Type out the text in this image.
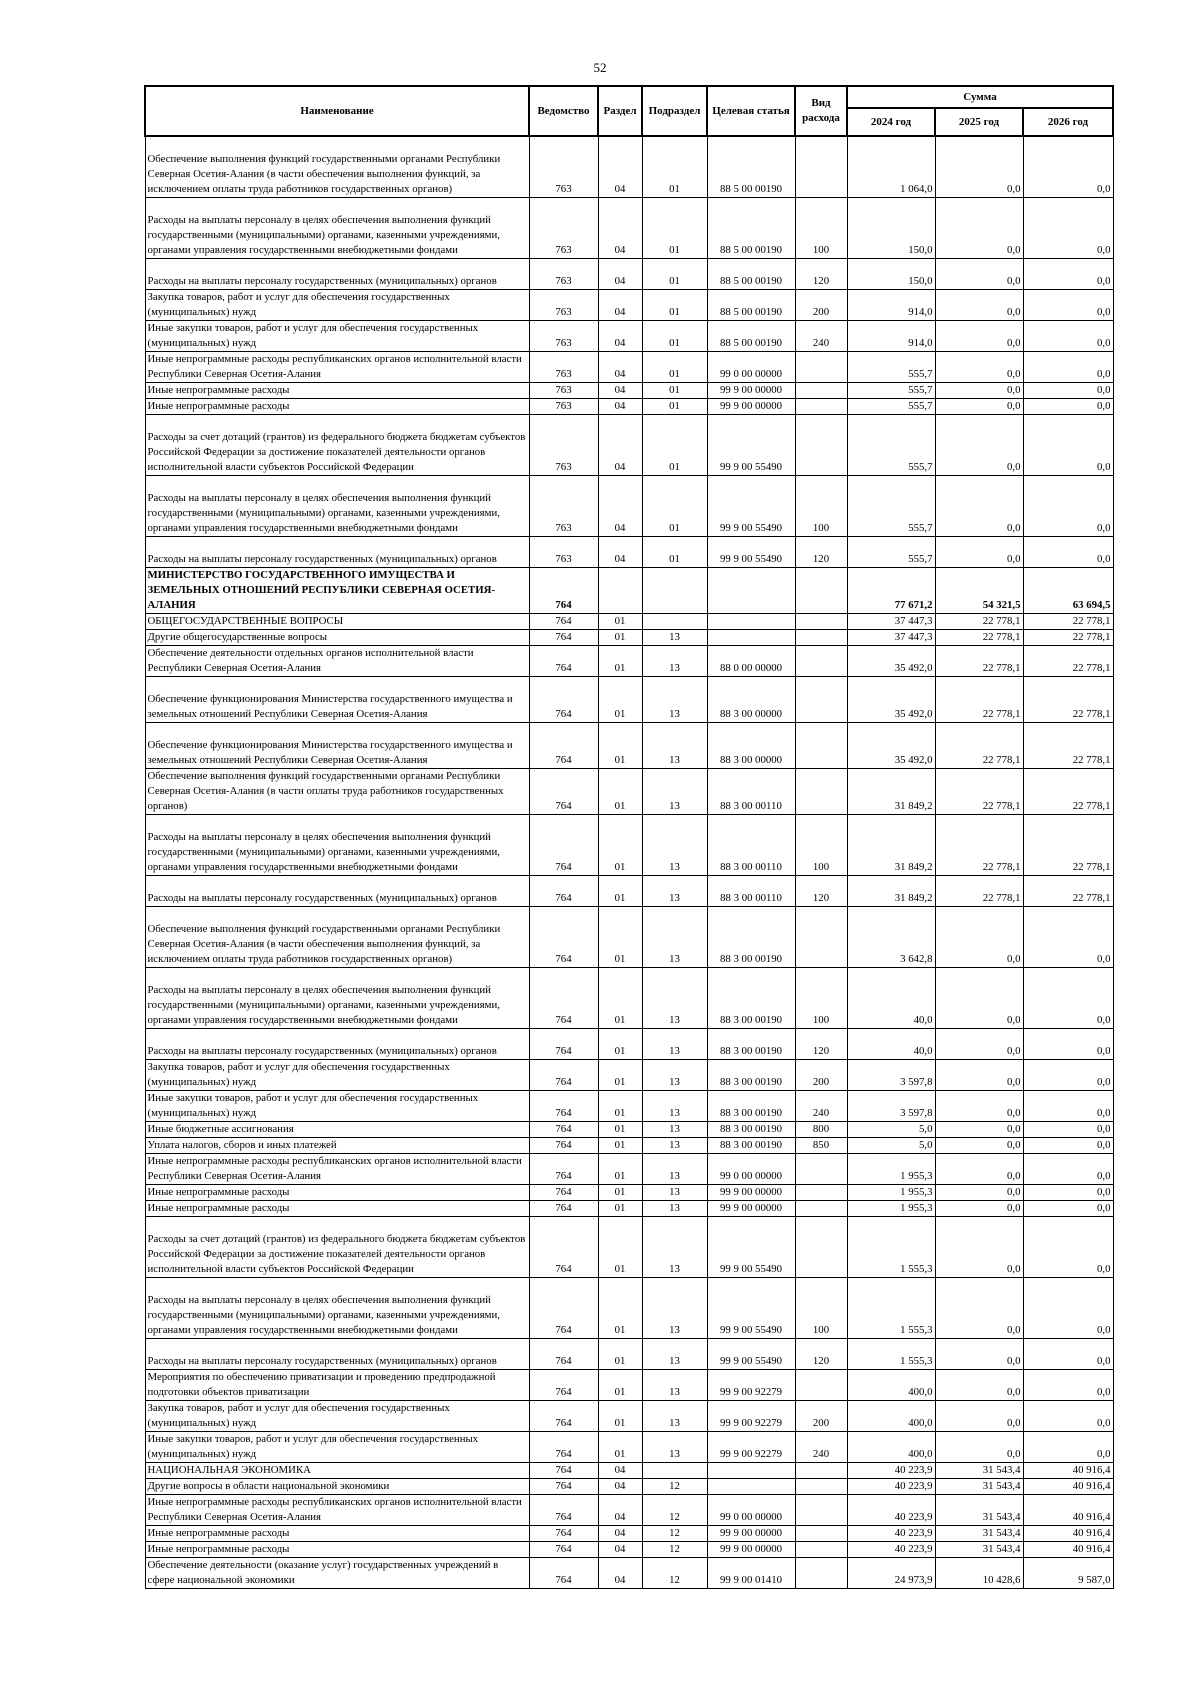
52
Наименование	Ведомство	Раздел	Подраздел	Целевая статья	Вид расхода	Сумма		
						2024 год	2025 год	2026 год
Обеспечение выполнения функций государственными органами Республики Северная Осетия-Алания (в части обеспечения выполнения функций, за исключением оплаты труда работников государственных органов)	763	04	01	88 5 00 00190		1 064,0	0,0	0,0
Расходы на выплаты персоналу в целях обеспечения выполнения функций государственными (муниципальными) органами, казенными учреждениями, органами управления государственными внебюджетными фондами	763	04	01	88 5 00 00190	100	150,0	0,0	0,0
Расходы на выплаты персоналу государственных (муниципальных) органов	763	04	01	88 5 00 00190	120	150,0	0,0	0,0
Закупка товаров, работ и услуг для обеспечения государственных (муниципальных) нужд	763	04	01	88 5 00 00190	200	914,0	0,0	0,0
Иные закупки товаров, работ и услуг для обеспечения государственных (муниципальных) нужд	763	04	01	88 5 00 00190	240	914,0	0,0	0,0
Иные непрограммные расходы республиканских органов исполнительной власти Республики Северная Осетия-Алания	763	04	01	99 0 00 00000		555,7	0,0	0,0
Иные непрограммные расходы	763	04	01	99 9 00 00000		555,7	0,0	0,0
Иные непрограммные расходы	763	04	01	99 9 00 00000		555,7	0,0	0,0
Расходы за счет дотаций (грантов) из федерального бюджета бюджетам субъектов Российской Федерации за достижение показателей деятельности органов исполнительной власти субъектов Российской Федерации	763	04	01	99 9 00 55490		555,7	0,0	0,0
Расходы на выплаты персоналу в целях обеспечения выполнения функций государственными (муниципальными) органами, казенными учреждениями, органами управления государственными внебюджетными фондами	763	04	01	99 9 00 55490	100	555,7	0,0	0,0
Расходы на выплаты персоналу государственных (муниципальных) органов	763	04	01	99 9 00 55490	120	555,7	0,0	0,0
МИНИСТЕРСТВО ГОСУДАРСТВЕННОГО ИМУЩЕСТВА И ЗЕМЕЛЬНЫХ ОТНОШЕНИЙ РЕСПУБЛИКИ СЕВЕРНАЯ ОСЕТИЯ-АЛАНИЯ	764					77 671,2	54 321,5	63 694,5
ОБЩЕГОСУДАРСТВЕННЫЕ ВОПРОСЫ	764	01				37 447,3	22 778,1	22 778,1
Другие общегосударственные вопросы	764	01	13			37 447,3	22 778,1	22 778,1
Обеспечение деятельности отдельных органов исполнительной власти Республики Северная Осетия-Алания	764	01	13	88 0 00 00000		35 492,0	22 778,1	22 778,1
Обеспечение функционирования Министерства государственного имущества и земельных отношений Республики Северная Осетия-Алания	764	01	13	88 3 00 00000		35 492,0	22 778,1	22 778,1
Обеспечение функционирования Министерства государственного имущества и земельных отношений Республики Северная Осетия-Алания	764	01	13	88 3 00 00000		35 492,0	22 778,1	22 778,1
Обеспечение выполнения функций государственными органами Республики Северная Осетия-Алания (в части оплаты труда работников государственных органов)	764	01	13	88 3 00 00110		31 849,2	22 778,1	22 778,1
Расходы на выплаты персоналу в целях обеспечения выполнения функций государственными (муниципальными) органами, казенными учреждениями, органами управления государственными внебюджетными фондами	764	01	13	88 3 00 00110	100	31 849,2	22 778,1	22 778,1
Расходы на выплаты персоналу государственных (муниципальных) органов	764	01	13	88 3 00 00110	120	31 849,2	22 778,1	22 778,1
Обеспечение выполнения функций государственными органами Республики Северная Осетия-Алания (в части обеспечения выполнения функций, за исключением оплаты труда работников государственных органов)	764	01	13	88 3 00 00190		3 642,8	0,0	0,0
Расходы на выплаты персоналу в целях обеспечения выполнения функций государственными (муниципальными) органами, казенными учреждениями, органами управления государственными внебюджетными фондами	764	01	13	88 3 00 00190	100	40,0	0,0	0,0
Расходы на выплаты персоналу государственных (муниципальных) органов	764	01	13	88 3 00 00190	120	40,0	0,0	0,0
Закупка товаров, работ и услуг для обеспечения государственных (муниципальных) нужд	764	01	13	88 3 00 00190	200	3 597,8	0,0	0,0
Иные закупки товаров, работ и услуг для обеспечения государственных (муниципальных) нужд	764	01	13	88 3 00 00190	240	3 597,8	0,0	0,0
Иные бюджетные ассигнования	764	01	13	88 3 00 00190	800	5,0	0,0	0,0
Уплата налогов, сборов и иных платежей	764	01	13	88 3 00 00190	850	5,0	0,0	0,0
Иные непрограммные расходы республиканских органов исполнительной власти Республики Северная Осетия-Алания	764	01	13	99 0 00 00000		1 955,3	0,0	0,0
Иные непрограммные расходы	764	01	13	99 9 00 00000		1 955,3	0,0	0,0
Иные непрограммные расходы	764	01	13	99 9 00 00000		1 955,3	0,0	0,0
Расходы за счет дотаций (грантов) из федерального бюджета бюджетам субъектов Российской Федерации за достижение показателей деятельности органов исполнительной власти субъектов Российской Федерации	764	01	13	99 9 00 55490		1 555,3	0,0	0,0
Расходы на выплаты персоналу в целях обеспечения выполнения функций государственными (муниципальными) органами, казенными учреждениями, органами управления государственными внебюджетными фондами	764	01	13	99 9 00 55490	100	1 555,3	0,0	0,0
Расходы на выплаты персоналу государственных (муниципальных) органов	764	01	13	99 9 00 55490	120	1 555,3	0,0	0,0
Мероприятия по обеспечению приватизации и проведению предпродажной подготовки объектов приватизации	764	01	13	99 9 00 92279		400,0	0,0	0,0
Закупка товаров, работ и услуг для обеспечения государственных (муниципальных) нужд	764	01	13	99 9 00 92279	200	400,0	0,0	0,0
Иные закупки товаров, работ и услуг для обеспечения государственных (муниципальных) нужд	764	01	13	99 9 00 92279	240	400,0	0,0	0,0
НАЦИОНАЛЬНАЯ ЭКОНОМИКА	764	04				40 223,9	31 543,4	40 916,4
Другие вопросы в области национальной экономики	764	04	12			40 223,9	31 543,4	40 916,4
Иные непрограммные расходы республиканских органов исполнительной власти Республики Северная Осетия-Алания	764	04	12	99 0 00 00000		40 223,9	31 543,4	40 916,4
Иные непрограммные расходы	764	04	12	99 9 00 00000		40 223,9	31 543,4	40 916,4
Иные непрограммные расходы	764	04	12	99 9 00 00000		40 223,9	31 543,4	40 916,4
Обеспечение деятельности (оказание услуг) государственных учреждений в сфере национальной экономики	764	04	12	99 9 00 01410		24 973,9	10 428,6	9 587,0
